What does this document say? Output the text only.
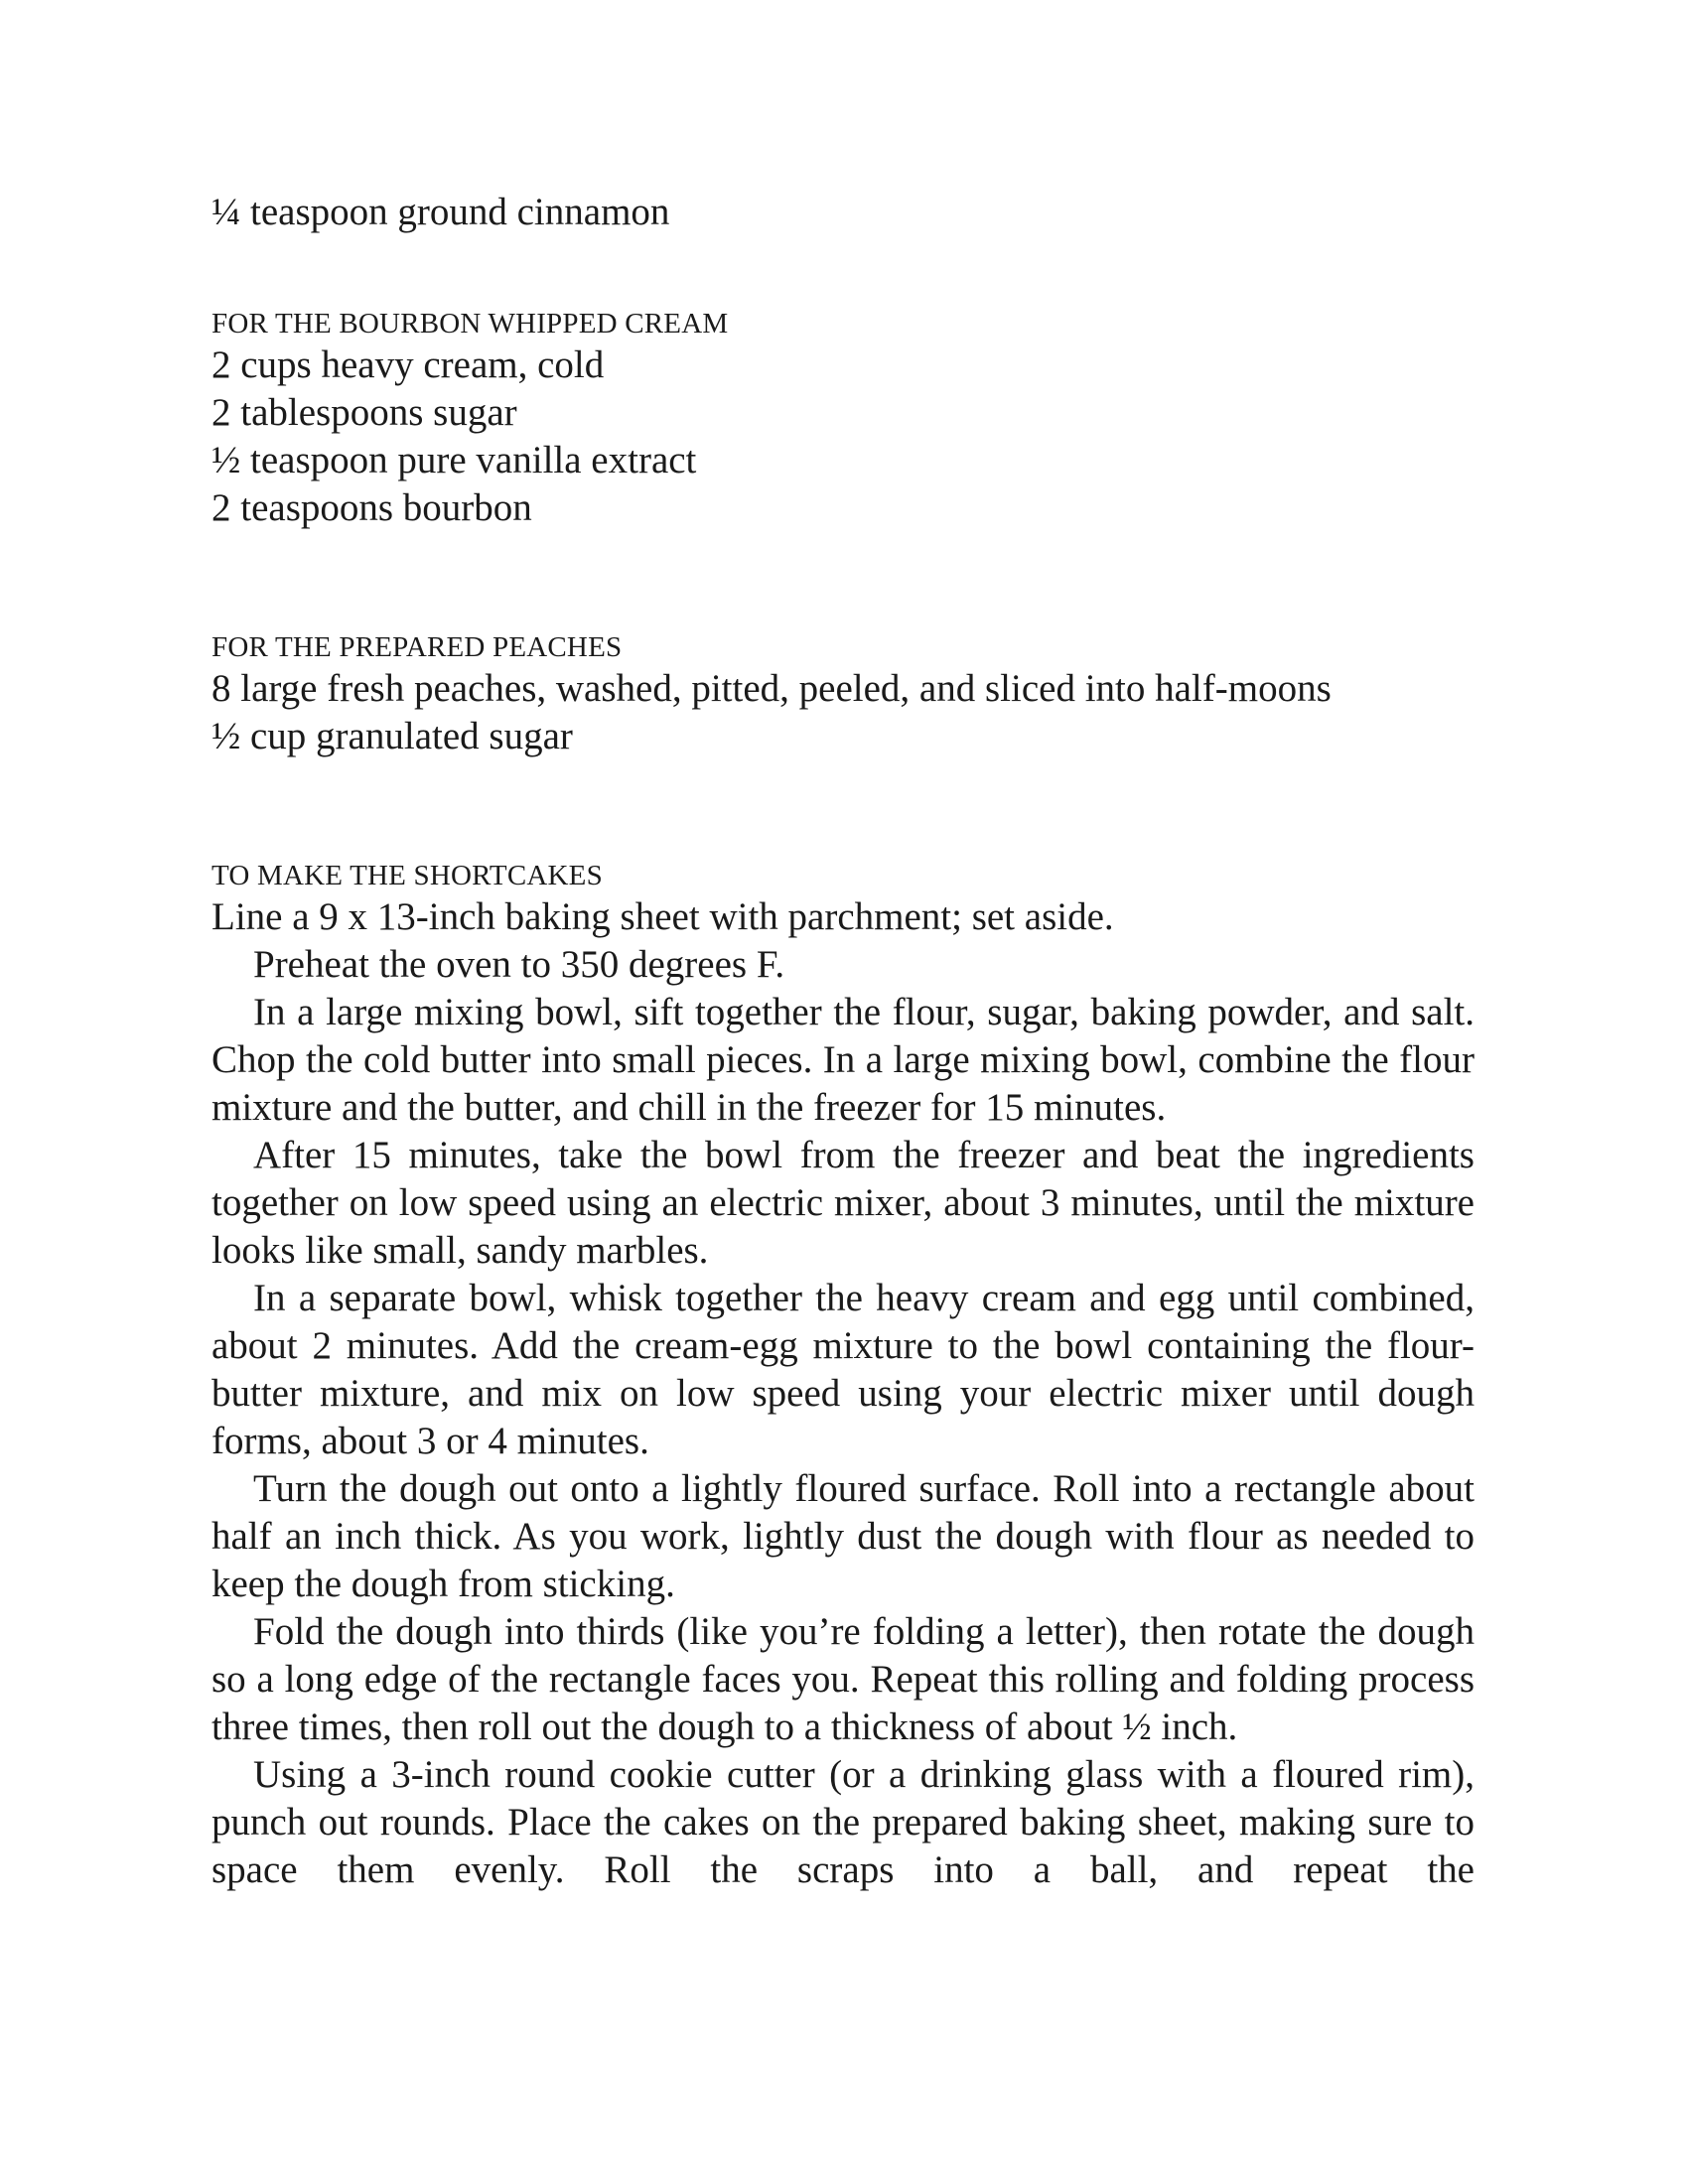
¼ teaspoon ground cinnamon
FOR THE BOURBON WHIPPED CREAM
2 cups heavy cream, cold
2 tablespoons sugar
½ teaspoon pure vanilla extract
2 teaspoons bourbon
FOR THE PREPARED PEACHES
8 large fresh peaches, washed, pitted, peeled, and sliced into half-moons
½ cup granulated sugar
TO MAKE THE SHORTCAKES

Line a 9 x 13-inch baking sheet with parchment; set aside.

Preheat the oven to 350 degrees F.

In a large mixing bowl, sift together the flour, sugar, baking powder, and salt. Chop the cold butter into small pieces. In a large mixing bowl, combine the flour mixture and the butter, and chill in the freezer for 15 minutes.

After 15 minutes, take the bowl from the freezer and beat the ingredients together on low speed using an electric mixer, about 3 minutes, until the mixture looks like small, sandy marbles.

In a separate bowl, whisk together the heavy cream and egg until combined, about 2 minutes. Add the cream-egg mixture to the bowl containing the flour-butter mixture, and mix on low speed using your electric mixer until dough forms, about 3 or 4 minutes.

Turn the dough out onto a lightly floured surface. Roll into a rectangle about half an inch thick. As you work, lightly dust the dough with flour as needed to keep the dough from sticking.

Fold the dough into thirds (like you’re folding a letter), then rotate the dough so a long edge of the rectangle faces you. Repeat this rolling and folding process three times, then roll out the dough to a thickness of about ½ inch.

Using a 3-inch round cookie cutter (or a drinking glass with a floured rim), punch out rounds. Place the cakes on the prepared baking sheet, making sure to space them evenly. Roll the scraps into a ball, and repeat the
